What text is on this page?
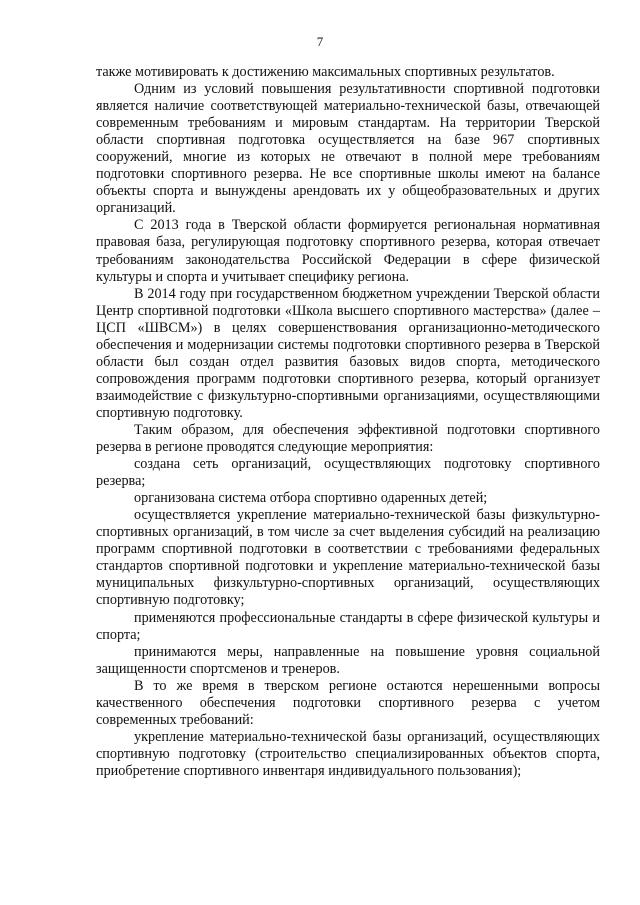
7

также мотивировать к достижению максимальных спортивных результатов.

Одним из условий повышения результативности спортивной подготовки является наличие соответствующей материально-технической базы, отвечающей современным требованиям и мировым стандартам. На территории Тверской области спортивная подготовка осуществляется на базе 967 спортивных сооружений, многие из которых не отвечают в полной мере требованиям подготовки спортивного резерва. Не все спортивные школы имеют на балансе объекты спорта и вынуждены арендовать их у общеобразовательных и других организаций.

С 2013 года в Тверской области формируется региональная нормативная правовая база, регулирующая подготовку спортивного резерва, которая отвечает требованиям законодательства Российской Федерации в сфере физической культуры и спорта и учитывает специфику региона.

В 2014 году при государственном бюджетном учреждении Тверской области Центр спортивной подготовки «Школа высшего спортивного мастерства» (далее – ЦСП «ШВСМ») в целях совершенствования организационно-методического обеспечения и модернизации системы подготовки спортивного резерва в Тверской области был создан отдел развития базовых видов спорта, методического сопровождения программ подготовки спортивного резерва, который организует взаимодействие с физкультурно-спортивными организациями, осуществляющими спортивную подготовку.

Таким образом, для обеспечения эффективной подготовки спортивного резерва в регионе проводятся следующие мероприятия:

создана сеть организаций, осуществляющих подготовку спортивного резерва;

организована система отбора спортивно одаренных детей;

осуществляется укрепление материально-технической базы физкультурно-спортивных организаций, в том числе за счет выделения субсидий на реализацию программ спортивной подготовки в соответствии с требованиями федеральных стандартов спортивной подготовки и укрепление материально-технической базы муниципальных физкультурно-спортивных организаций, осуществляющих спортивную подготовку;

применяются профессиональные стандарты в сфере физической культуры и спорта;

принимаются меры, направленные на повышение уровня социальной защищенности спортсменов и тренеров.

В то же время в тверском регионе остаются нерешенными вопросы качественного обеспечения подготовки спортивного резерва с учетом современных требований:

укрепление материально-технической базы организаций, осуществляющих спортивную подготовку (строительство специализированных объектов спорта, приобретение спортивного инвентаря индивидуального пользования);
